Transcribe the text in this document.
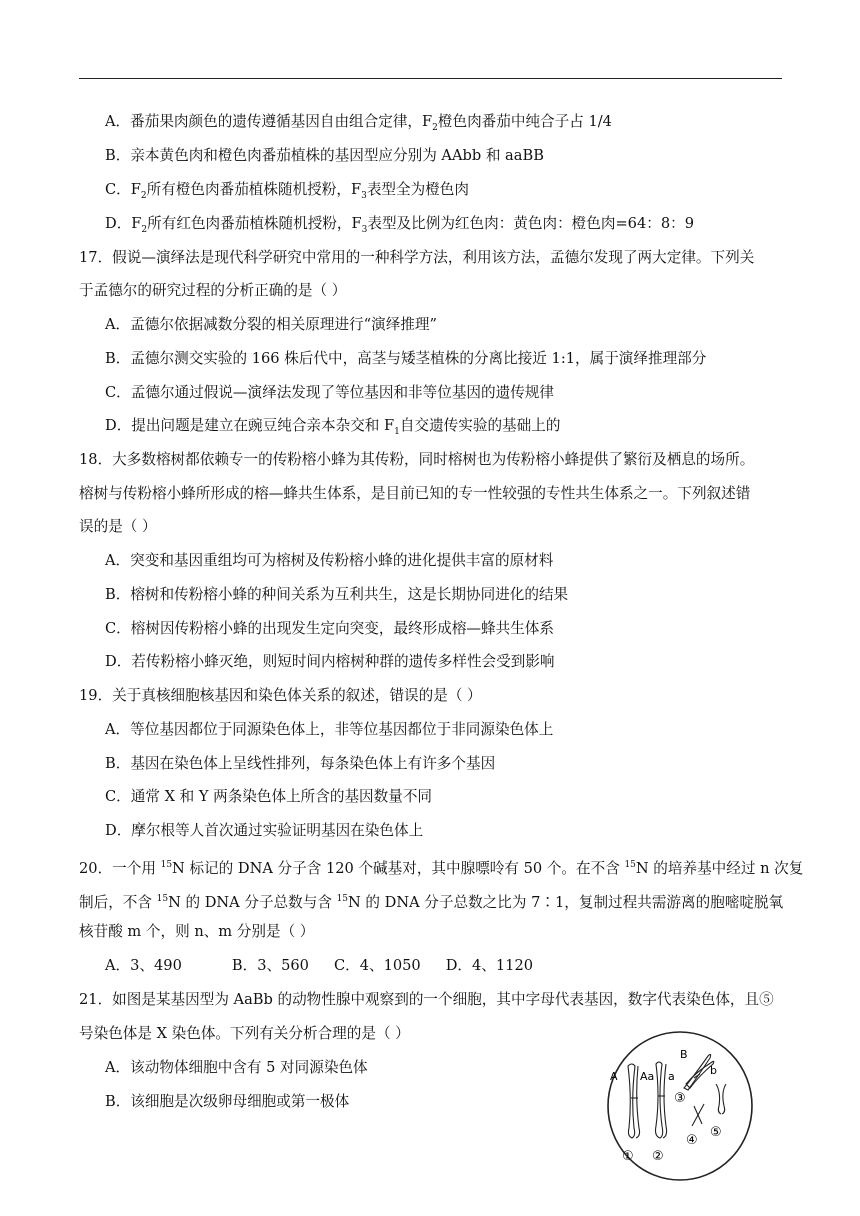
A．番茄果肉颜色的遗传遵循基因自由组合定律，$F_2$橙色肉番茄中纯合子占 1/4
B．亲本黄色肉和橙色肉番茄植株的基因型应分别为 AAbb 和 aaBB
C．$F_2$所有橙色肉番茄植株随机授粉，$F_3$表型全为橙色肉
D．$F_2$所有红色肉番茄植株随机授粉，$F_3$表型及比例为红色肉：黄色肉：橙色肉=64：8：9
17．假说—演绎法是现代科学研究中常用的一种科学方法，利用该方法，孟德尔发现了两大定律。下列关
于孟德尔的研究过程的分析正确的是（ ）
A．孟德尔依据减数分裂的相关原理进行“演绎推理”
B．孟德尔测交实验的 166 株后代中，高茎与矮茎植株的分离比接近 1:1，属于演绎推理部分
C．孟德尔通过假说—演绎法发现了等位基因和非等位基因的遗传规律
D．提出问题是建立在豌豆纯合亲本杂交和 $F_1$自交遗传实验的基础上的
18．大多数榕树都依赖专一的传粉榕小蜂为其传粉，同时榕树也为传粉榕小蜂提供了繁衍及栖息的场所。
榕树与传粉榕小蜂所形成的榕—蜂共生体系，是目前已知的专一性较强的专性共生体系之一。下列叙述错
误的是（ ）
A．突变和基因重组均可为榕树及传粉榕小蜂的进化提供丰富的原材料
B．榕树和传粉榕小蜂的种间关系为互利共生，这是长期协同进化的结果
C．榕树因传粉榕小蜂的出现发生定向突变，最终形成榕—蜂共生体系
D．若传粉榕小蜂灭绝，则短时间内榕树种群的遗传多样性会受到影响
19．关于真核细胞核基因和染色体关系的叙述，错误的是（ ）
A．等位基因都位于同源染色体上，非等位基因都位于非同源染色体上
B．基因在染色体上呈线性排列，每条染色体上有许多个基因
C．通常 X 和 Y 两条染色体上所含的基因数量不同
D．摩尔根等人首次通过实验证明基因在染色体上
20．一个用 $^{15}$N 标记的 DNA 分子含 120 个碱基对，其中腺嘌呤有 50 个。在不含 $^{15}$N 的培养基中经过 n 次复
制后，不含 $^{15}$N 的 DNA 分子总数与含 $^{15}$N 的 DNA 分子总数之比为 7∶1，复制过程共需游离的胞嘧啶脱氧
核苷酸 m 个，则 n、m 分别是（ ）
A．3、490	B．3、560 C．4、1050 D．4、1120
21．如图是某基因型为 AaBb 的动物性腺中观察到的一个细胞，其中字母代表基因，数字代表染色体，且⑤
号染色体是 X 染色体。下列有关分析合理的是（ ）
A．该动物体细胞中含有 5 对同源染色体
B．该细胞是次级卵母细胞或第一极体
A Aa a
B
b
① ②
③
④
⑤
